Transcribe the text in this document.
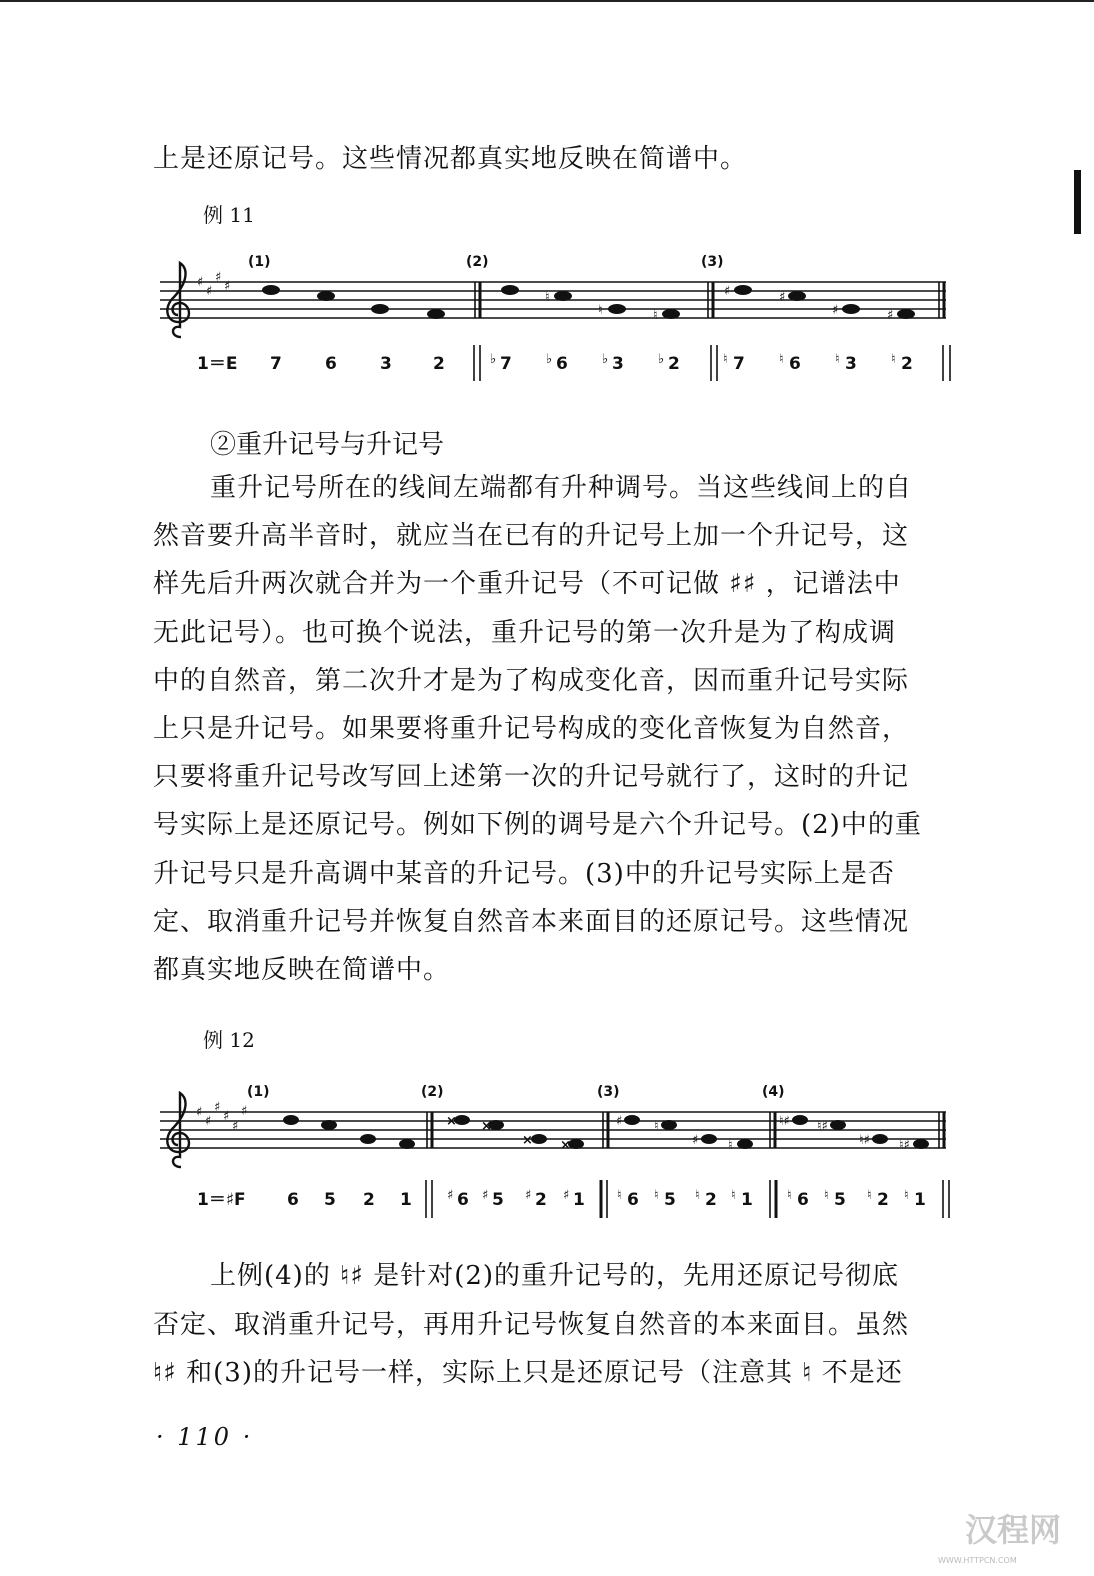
上是还原记号。这些情况都真实地反映在简谱中。
例 11
♯
♯
♯
♯
♮
♮	♮
♯	♯
♯	♯
(1)	(2)	(3)
1＝E 7	6	3 2	♭ 7	♭ 6	♭ 3	♭ 2	♮ 7	♮ 6	♮ 3	♮ 2
②重升记号与升记号
重升记号所在的线间左端都有升种调号。当这些线间上的自
然音要升高半音时，就应当在已有的升记号上加一个升记号，这
样先后升两次就合并为一个重升记号（不可记做 ♯♯ ，记谱法中
无此记号）。也可换个说法，重升记号的第一次升是为了构成调
中的自然音，第二次升才是为了构成变化音，因而重升记号实际
上只是升记号。如果要将重升记号构成的变化音恢复为自然音，
只要将重升记号改写回上述第一次的升记号就行了，这时的升记
号实际上是还原记号。例如下例的调号是六个升记号。(2)中的重
升记号只是升高调中某音的升记号。(3)中的升记号实际上是否
定、取消重升记号并恢复自然音本来面目的还原记号。这些情况
都真实地反映在简谱中。
例 12
♯
♯
♯
♯
♯
♯
× ×
× ×
♯ ♮
♯ ♮
♮♯ ♮♯
♮♯ ♮♯
(1)	(2)	(3)	(4)
1＝♯F 6 5 2 1	♯ 6 ♯ 5 ♯ 2 ♯ 1 ♮ 6 ♮ 5 ♮ 2 ♮ 1	♮ 6 ♮ 5 ♮ 2 ♮ 1
上例(4)的 ♮♯ 是针对(2)的重升记号的，先用还原记号彻底
否定、取消重升记号，再用升记号恢复自然音的本来面目。虽然
♮♯ 和(3)的升记号一样，实际上只是还原记号（注意其 ♮ 不是还
· 110 ·
汉程网
WWW.HTTPCN.COM
